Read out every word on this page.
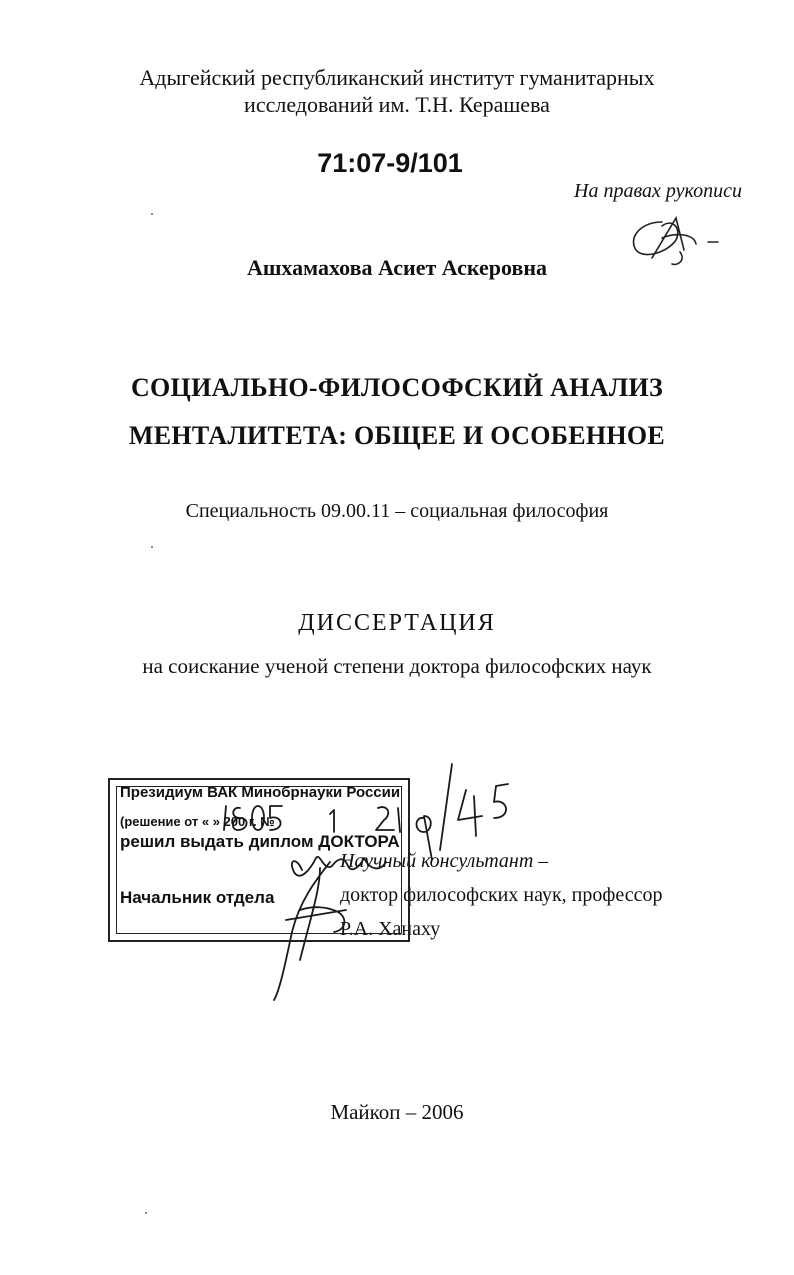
Адыгейский республиканский институт гуманитарных
исследований им. Т.Н. Керашева
71:07-9/101
На правах рукописи
Ашхамахова Асиет Аскеровна
СОЦИАЛЬНО-ФИЛОСОФСКИЙ АНАЛИЗ
МЕНТАЛИТЕТА: ОБЩЕЕ И ОСОБЕННОЕ
Специальность 09.00.11 – социальная философия
ДИССЕРТАЦИЯ
на соискание ученой степени доктора философских наук
Научный консультант –
доктор философских наук, профессор
Р.А. Ханаху
Президиум ВАК Минобрнауки России
(решение от « » 200 г. №
решил выдать диплом ДОКТОРА
Начальник отдела
Майкоп – 2006
